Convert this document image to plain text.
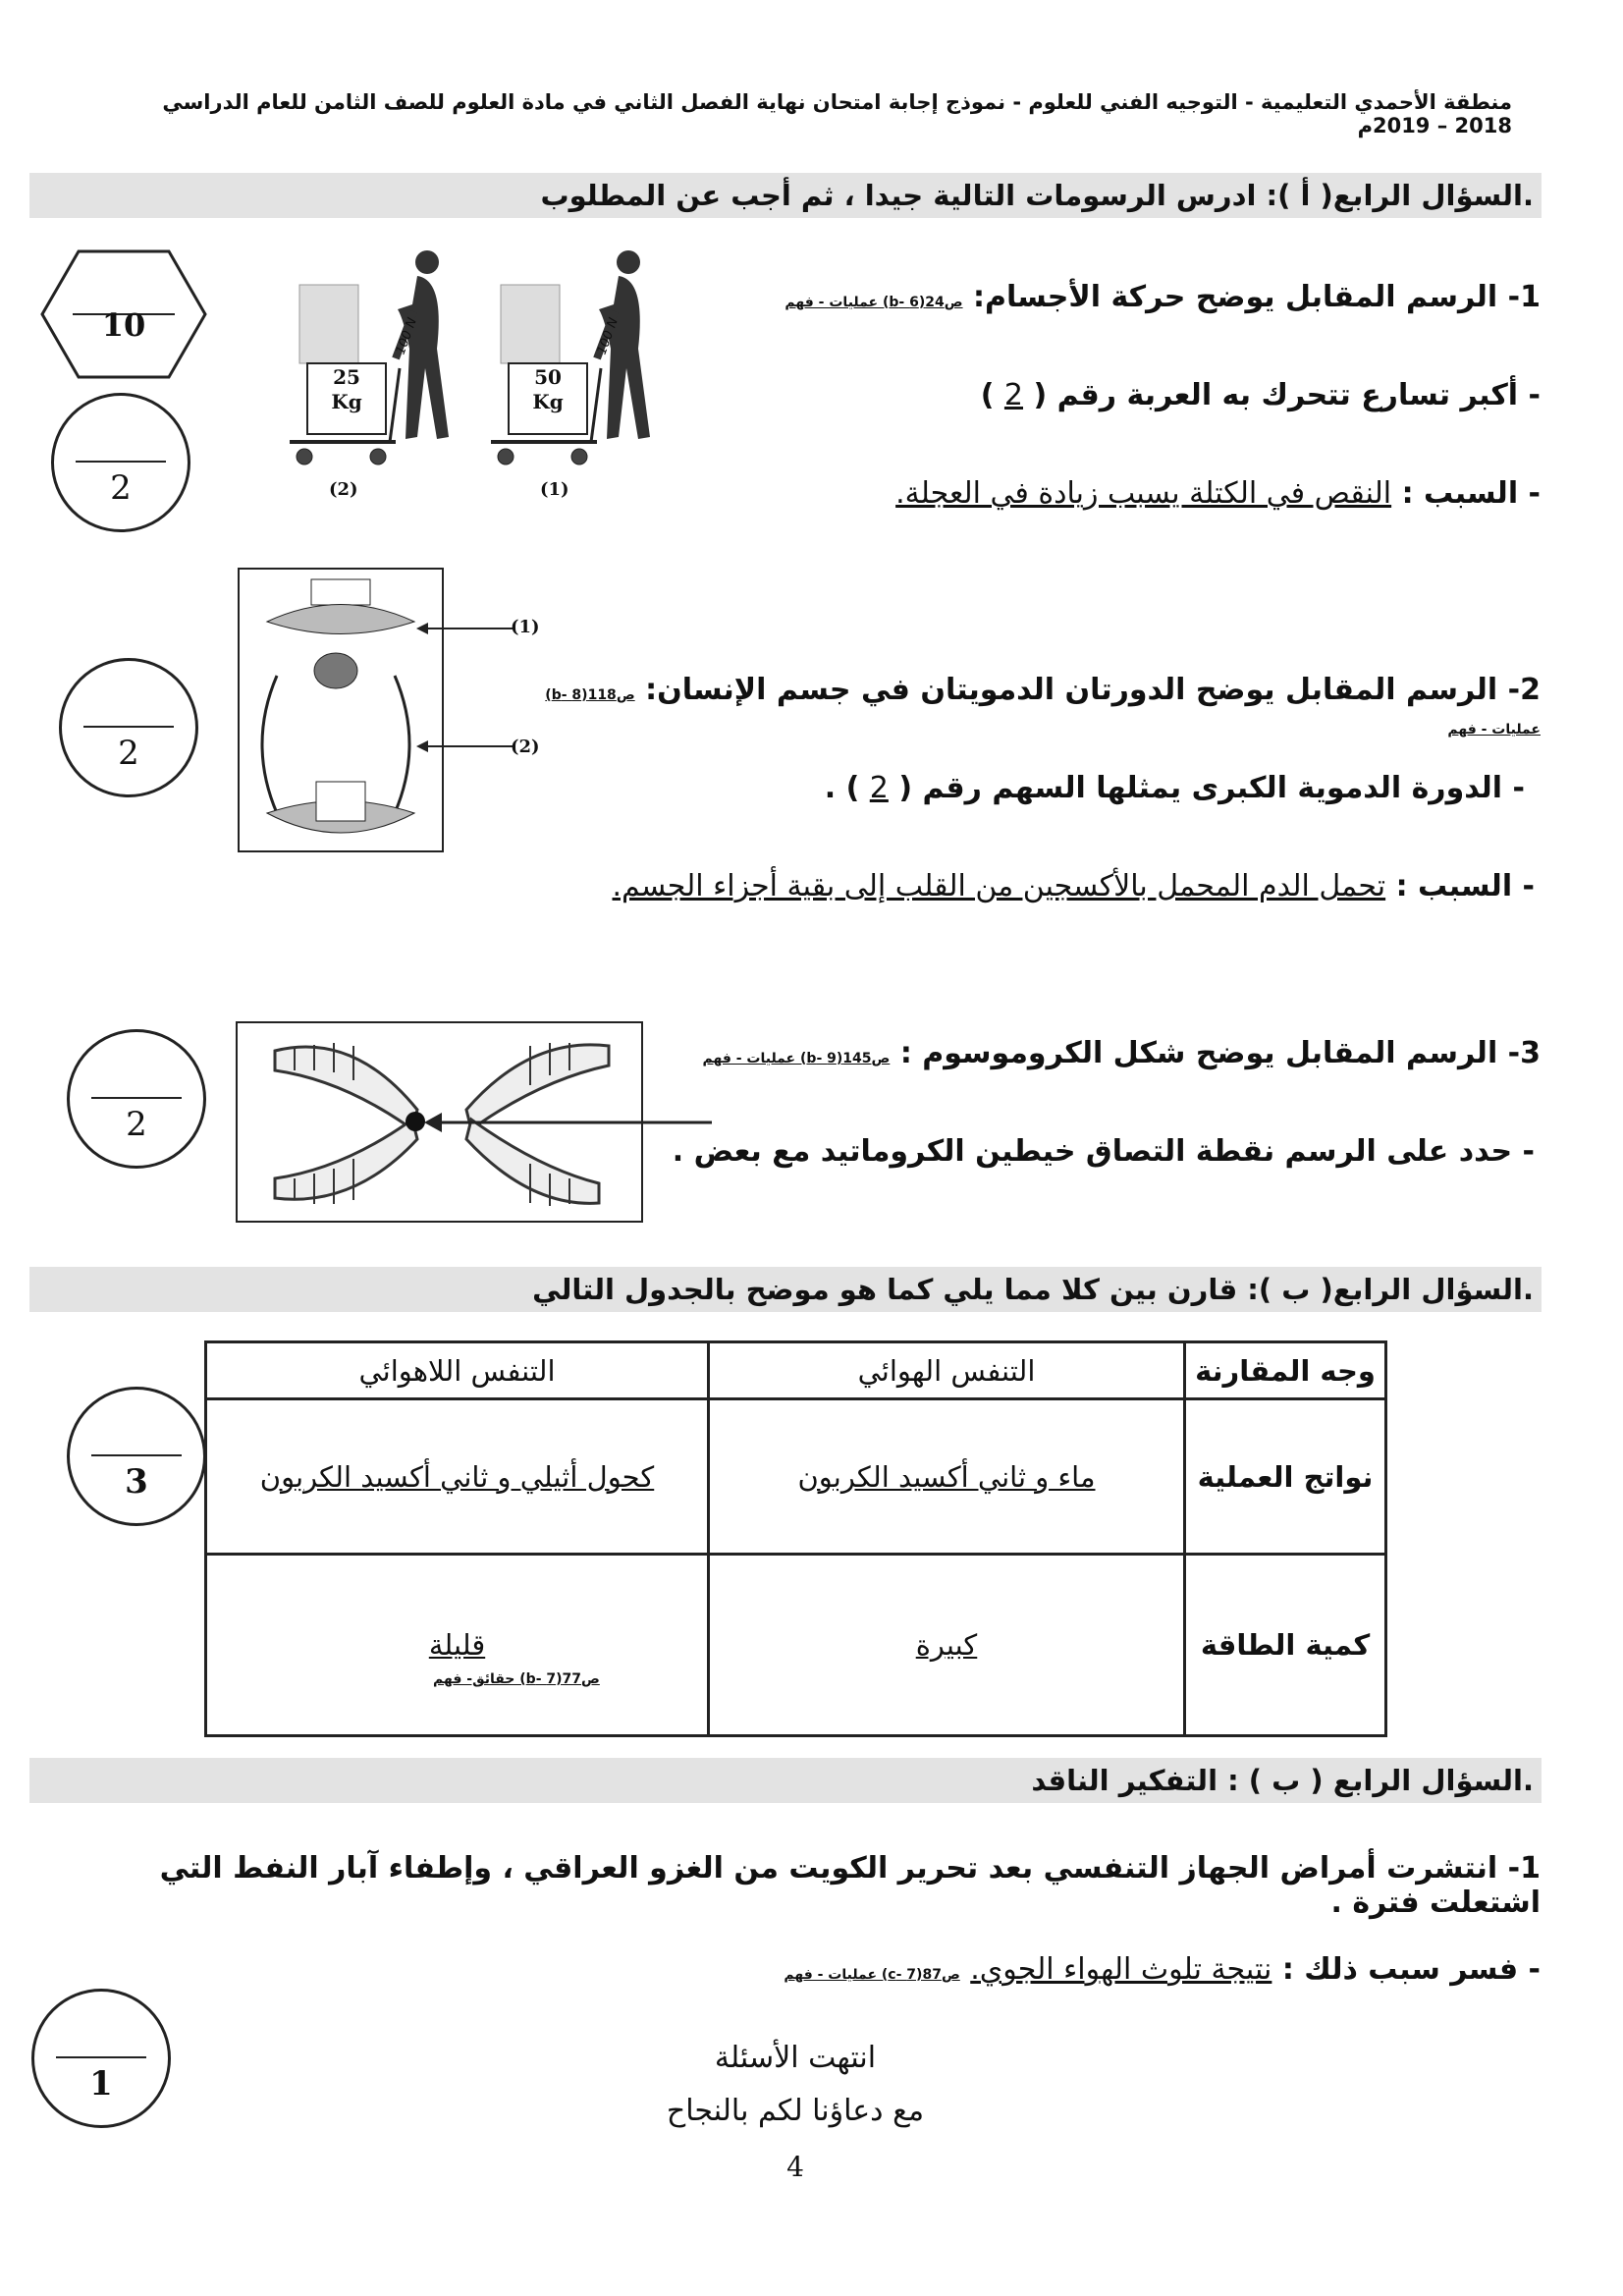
منطقة الأحمدي التعليمية - التوجيه الفني للعلوم - نموذج إجابة امتحان نهاية الفصل الثاني في مادة العلوم للصف الثامن للعام الدراسي 2018 – 2019م
السؤال الرابع( أ ): ادرس الرسومات التالية جيدا ، ثم أجب عن المطلوب.
10
2
25
Kg
100 N
(2)
50
Kg
100 N
(1)
1- الرسم المقابل يوضح حركة الأجسام: ص24(6 -b) عمليات - فهم
- أكبر تسارع تتحرك به العربة رقم ( 2 )
- السبب : النقص في الكتلة يسبب زيادة في العجلة.
2
(1)
(2)
2- الرسم المقابل يوضح الدورتان الدمويتان في جسم الإنسان: ص118(8 -b) عمليات - فهم
- الدورة الدموية الكبرى يمثلها السهم رقم ( 2 ) .
- السبب : تحمل الدم المحمل بالأكسجين من القلب إلى بقية أجزاء الجسم.
2
3- الرسم المقابل يوضح شكل الكروموسوم : ص145(9 -b) عمليات - فهم
- حدد على الرسم نقطة التصاق خيطين الكروماتيد مع بعض .
السؤال الرابع( ب ): قارن بين كلا مما يلي كما هو موضح بالجدول التالي.
3
وجه المقارنة	التنفس الهوائي	التنفس اللاهوائي
نواتج العملية	ماء و ثاني أكسيد الكربون	كحول أثيلي و ثاني أكسيد الكربون
كمية الطاقة	كبيرة	قليلة
ص77(7 -b) حقائق- فهم
السؤال الرابع ( ب ) : التفكير الناقد.
1- انتشرت أمراض الجهاز التنفسي بعد تحرير الكويت من الغزو العراقي ، وإطفاء آبار النفط التي اشتعلت فترة .
- فسر سبب ذلك : نتيجة تلوث الهواء الجوي. ص87(7 -c) عمليات - فهم
1
انتهت الأسئلة
مع دعاؤنا لكم بالنجاح
4
